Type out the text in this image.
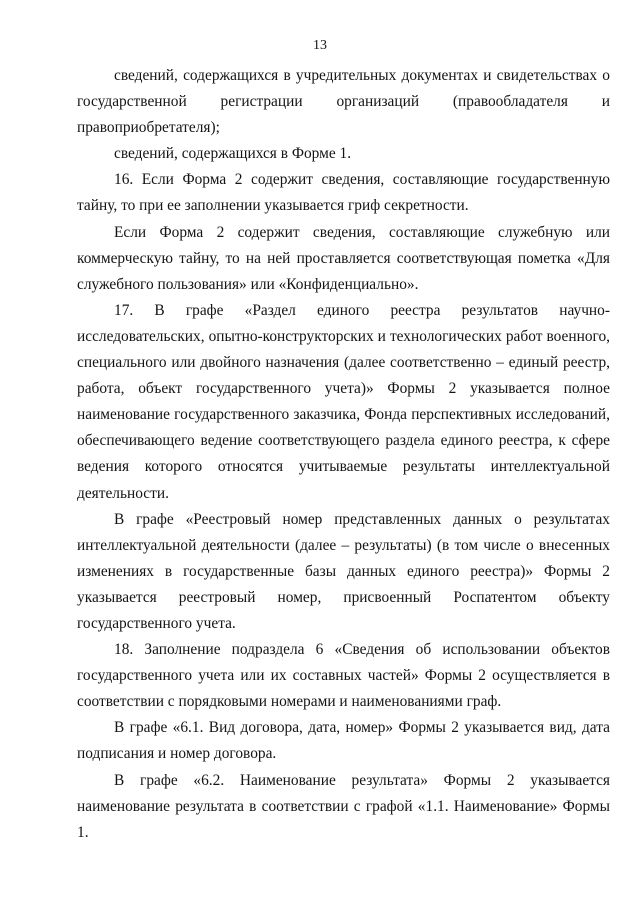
13

сведений, содержащихся в учредительных документах и свидетельствах о государственной регистрации организаций (правообладателя и правоприобретателя);

сведений, содержащихся в Форме 1.

16. Если Форма 2 содержит сведения, составляющие государственную тайну, то при ее заполнении указывается гриф секретности.

Если Форма 2 содержит сведения, составляющие служебную или коммерческую тайну, то на ней проставляется соответствующая пометка «Для служебного пользования» или «Конфиденциально».

17. В графе «Раздел единого реестра результатов научно-исследовательских, опытно-конструкторских и технологических работ военного, специального или двойного назначения (далее соответственно – единый реестр, работа, объект государственного учета)» Формы 2 указывается полное наименование государственного заказчика, Фонда перспективных исследований, обеспечивающего ведение соответствующего раздела единого реестра, к сфере ведения которого относятся учитываемые результаты интеллектуальной деятельности.

В графе «Реестровый номер представленных данных о результатах интеллектуальной деятельности (далее – результаты) (в том числе о внесенных изменениях в государственные базы данных единого реестра)» Формы 2 указывается реестровый номер, присвоенный Роспатентом объекту государственного учета.

18. Заполнение подраздела 6 «Сведения об использовании объектов государственного учета или их составных частей» Формы 2 осуществляется в соответствии с порядковыми номерами и наименованиями граф.

В графе «6.1. Вид договора, дата, номер» Формы 2 указывается вид, дата подписания и номер договора.

В графе «6.2. Наименование результата» Формы 2 указывается наименование результата в соответствии с графой «1.1. Наименование» Формы 1.
